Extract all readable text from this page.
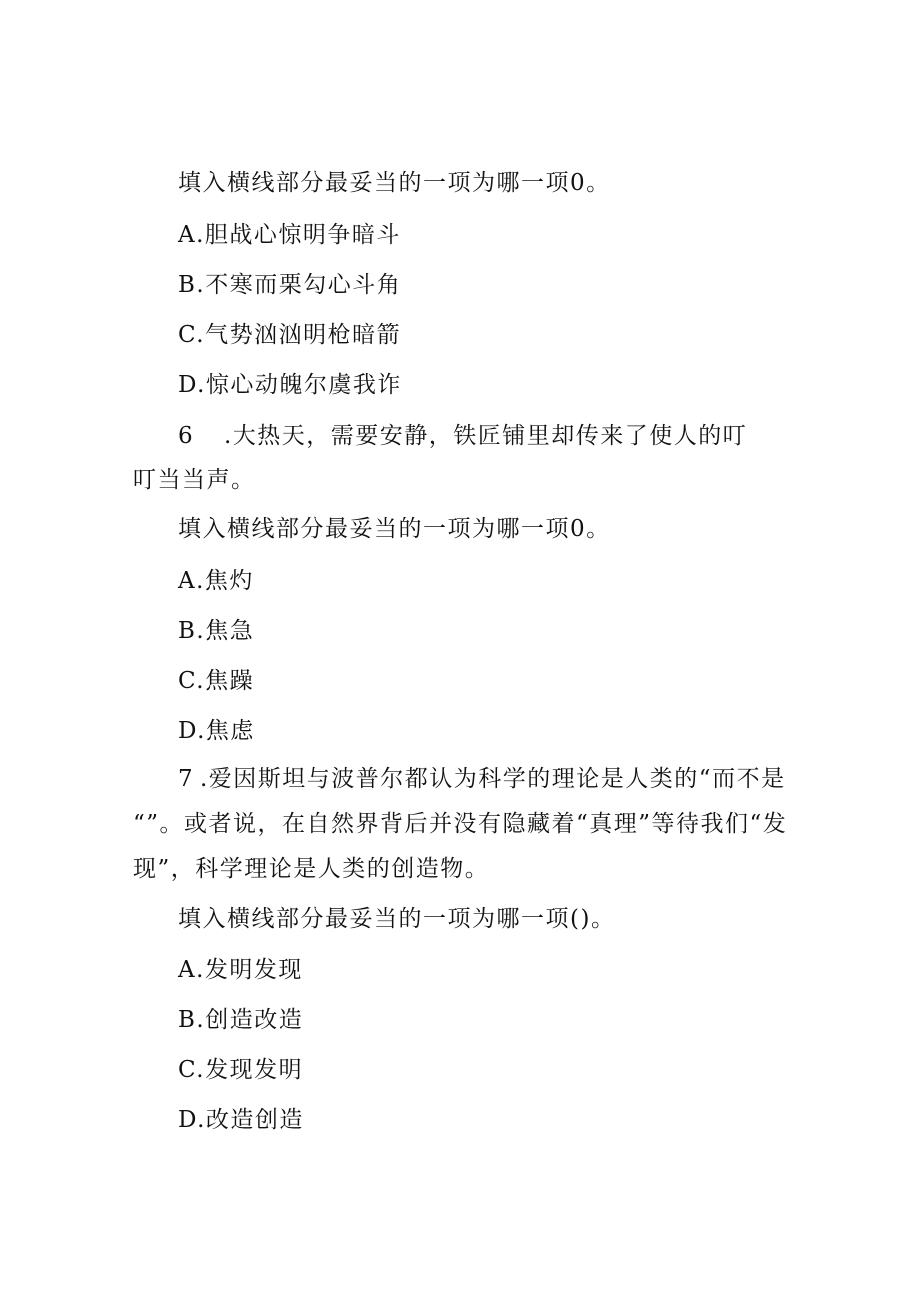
填入横线部分最妥当的一项为哪一项0。
A.胆战心惊明争暗斗
B.不寒而栗勾心斗角
C.气势汹汹明枪暗箭
D.惊心动魄尔虞我诈
6 .大热天，需要安静，铁匠铺里却传来了使人的叮
叮当当声。
填入横线部分最妥当的一项为哪一项0。
A.焦灼
B.焦急
C.焦躁
D.焦虑
7 .爱因斯坦与波普尔都认为科学的理论是人类的“而不是
“”。或者说，在自然界背后并没有隐藏着“真理”等待我们“发
现”，科学理论是人类的创造物。
填入横线部分最妥当的一项为哪一项()。
A.发明发现
B.创造改造
C.发现发明
D.改造创造
